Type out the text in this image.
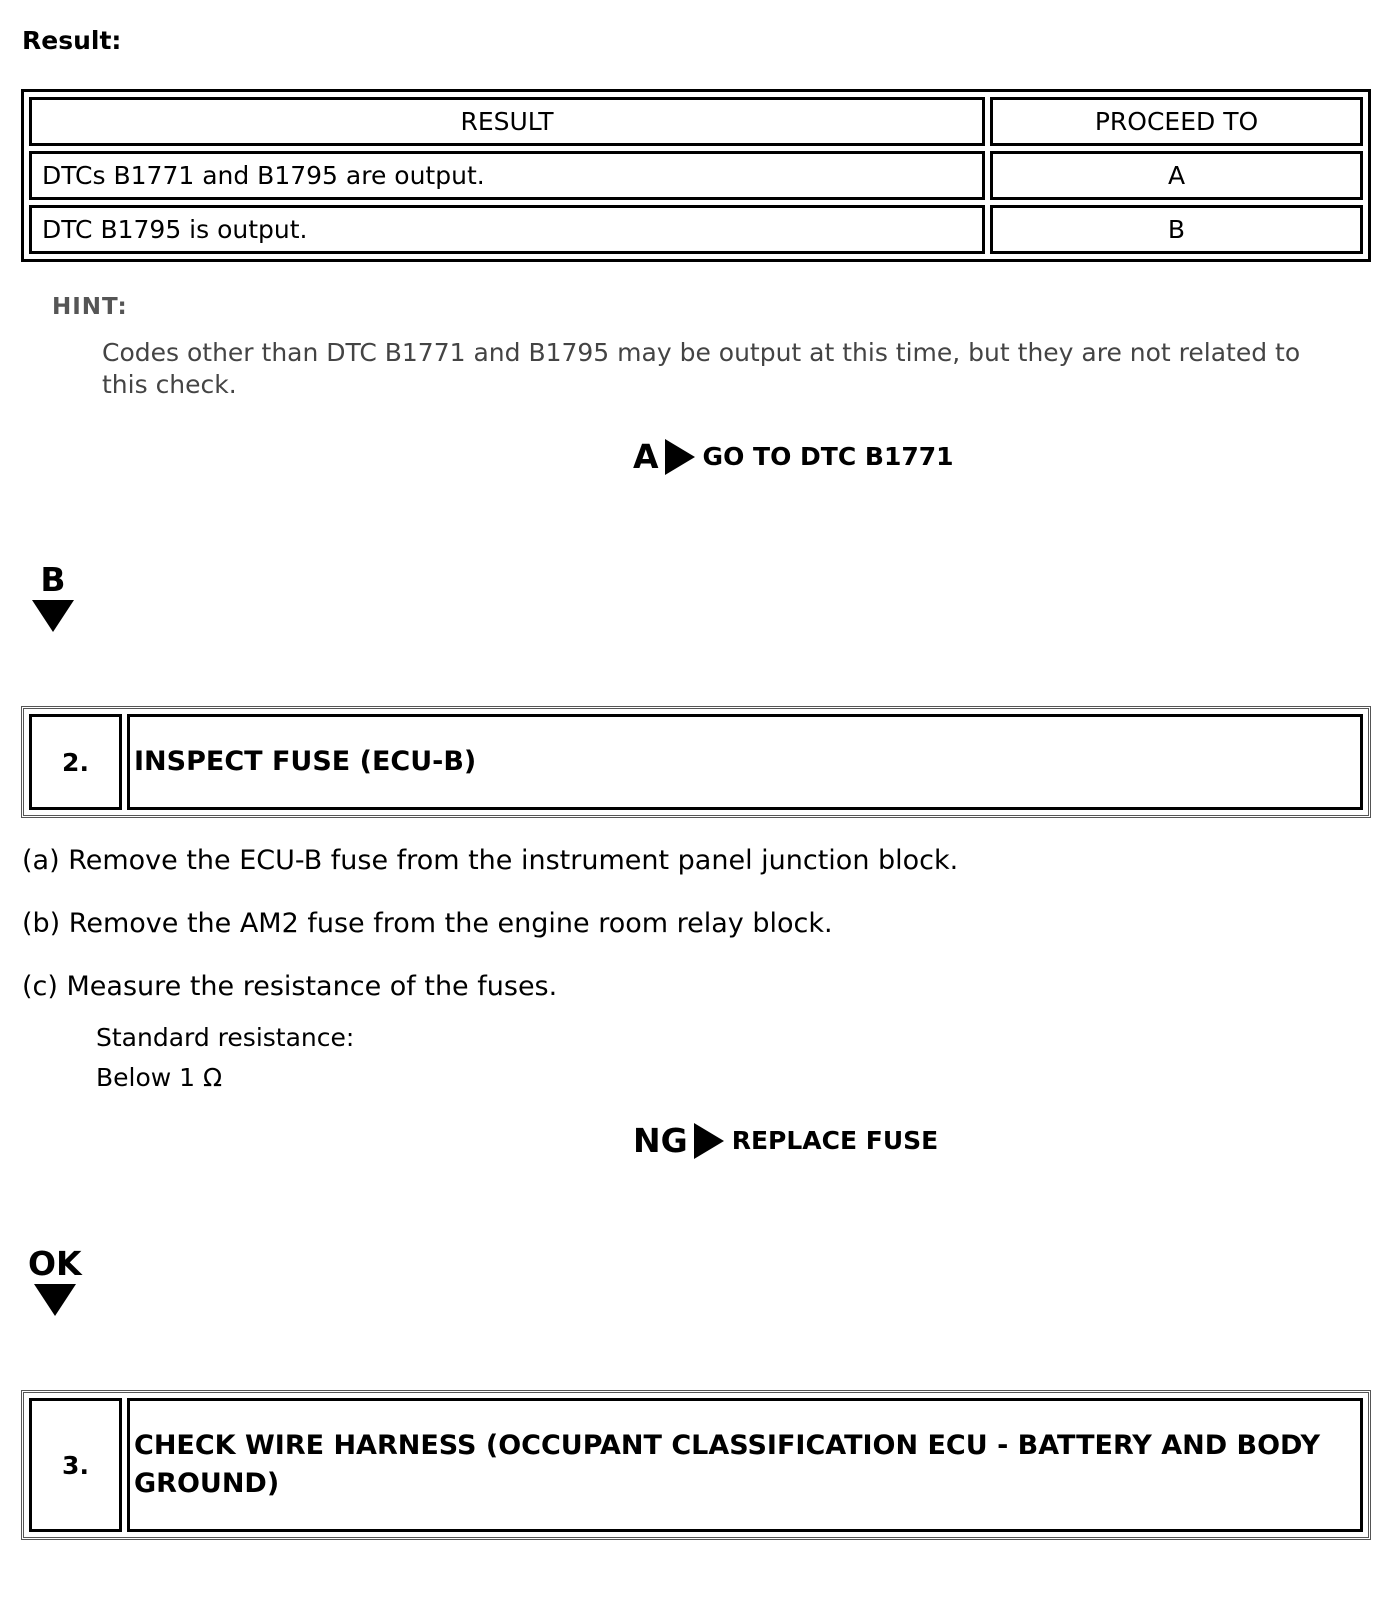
Result:
RESULT	PROCEED TO
DTCs B1771 and B1795 are output.	A
DTC B1795 is output.	B
HINT:
Codes other than DTC B1771 and B1795 may be output at this time, but they are not related to this check.
A GO TO DTC B1771
B
2.	INSPECT FUSE (ECU-B)
(a) Remove the ECU-B fuse from the instrument panel junction block.
(b) Remove the AM2 fuse from the engine room relay block.
(c) Measure the resistance of the fuses.
Standard resistance:
Below 1 Ω
NG REPLACE FUSE
OK
3.	CHECK WIRE HARNESS (OCCUPANT CLASSIFICATION ECU - BATTERY AND BODY GROUND)
